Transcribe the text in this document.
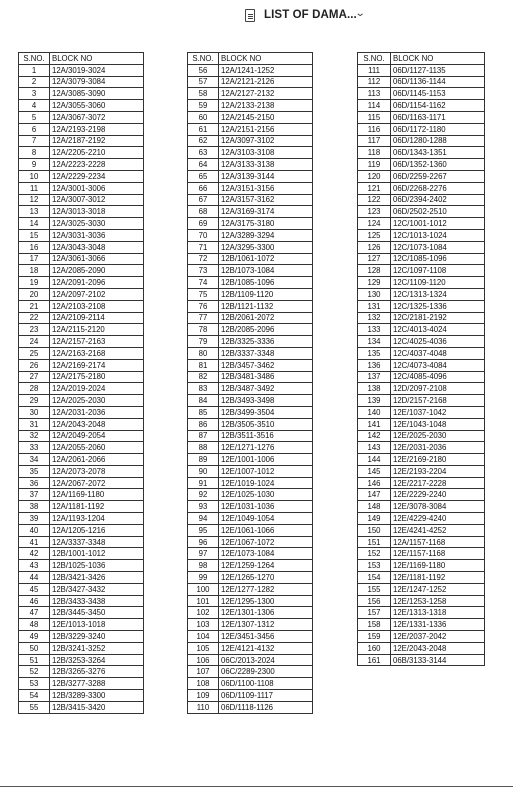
LIST OF DAMA...
⌄
S.NO.	BLOCK NO
1	12A/3019-3024
2	12A/3079-3084
3	12A/3085-3090
4	12A/3055-3060
5	12A/3067-3072
6	12A/2193-2198
7	12A/2187-2192
8	12A/2205-2210
9	12A/2223-2228
10	12A/2229-2234
11	12A/3001-3006
12	12A/3007-3012
13	12A/3013-3018
14	12A/3025-3030
15	12A/3031-3036
16	12A/3043-3048
17	12A/3061-3066
18	12A/2085-2090
19	12A/2091-2096
20	12A/2097-2102
21	12A/2103-2108
22	12A/2109-2114
23	12A/2115-2120
24	12A/2157-2163
25	12A/2163-2168
26	12A/2169-2174
27	12A/2175-2180
28	12A/2019-2024
29	12A/2025-2030
30	12A/2031-2036
31	12A/2043-2048
32	12A/2049-2054
33	12A/2055-2060
34	12A/2061-2066
35	12A/2073-2078
36	12A/2067-2072
37	12A/1169-1180
38	12A/1181-1192
39	12A/1193-1204
40	12A/1205-1216
41	12A/3337-3348
42	12B/1001-1012
43	12B/1025-1036
44	12B/3421-3426
45	12B/3427-3432
46	12B/3433-3438
47	12B/3445-3450
48	12E/1013-1018
49	12B/3229-3240
50	12B/3241-3252
51	12B/3253-3264
52	12B/3265-3276
53	12B/3277-3288
54	12B/3289-3300
55	12B/3415-3420
S.NO.	BLOCK NO
56	12A/1241-1252
57	12A/2121-2126
58	12A/2127-2132
59	12A/2133-2138
60	12A/2145-2150
61	12A/2151-2156
62	12A/3097-3102
63	12A/3103-3108
64	12A/3133-3138
65	12A/3139-3144
66	12A/3151-3156
67	12A/3157-3162
68	12A/3169-3174
69	12A/3175-3180
70	12A/3289-3294
71	12A/3295-3300
72	12B/1061-1072
73	12B/1073-1084
74	12B/1085-1096
75	12B/1109-1120
76	12B/1121-1132
77	12B/2061-2072
78	12B/2085-2096
79	12B/3325-3336
80	12B/3337-3348
81	12B/3457-3462
82	12B/3481-3486
83	12B/3487-3492
84	12B/3493-3498
85	12B/3499-3504
86	12B/3505-3510
87	12B/3511-3516
88	12E/1271-1276
89	12E/1001-1006
90	12E/1007-1012
91	12E/1019-1024
92	12E/1025-1030
93	12E/1031-1036
94	12E/1049-1054
95	12E/1061-1066
96	12E/1067-1072
97	12E/1073-1084
98	12E/1259-1264
99	12E/1265-1270
100	12E/1277-1282
101	12E/1295-1300
102	12E/1301-1306
103	12E/1307-1312
104	12E/3451-3456
105	12E/4121-4132
106	06C/2013-2024
107	06C/2289-2300
108	06D/1100-1108
109	06D/1109-1117
110	06D/1118-1126
S.NO.	BLOCK NO
111	06D/1127-1135
112	06D/1136-1144
113	06D/1145-1153
114	06D/1154-1162
115	06D/1163-1171
116	06D/1172-1180
117	06D/1280-1288
118	06D/1343-1351
119	06D/1352-1360
120	06D/2259-2267
121	06D/2268-2276
122	06D/2394-2402
123	06D/2502-2510
124	12C/1001-1012
125	12C/1013-1024
126	12C/1073-1084
127	12C/1085-1096
128	12C/1097-1108
129	12C/1109-1120
130	12C/1313-1324
131	12C/1325-1336
132	12C/2181-2192
133	12C/4013-4024
134	12C/4025-4036
135	12C/4037-4048
136	12C/4073-4084
137	12C/4085-4096
138	12D/2097-2108
139	12D/2157-2168
140	12E/1037-1042
141	12E/1043-1048
142	12E/2025-2030
143	12E/2031-2036
144	12E/2169-2180
145	12E/2193-2204
146	12E/2217-2228
147	12E/2229-2240
148	12E/3078-3084
149	12E/4229-4240
150	12E/4241-4252
151	12A/1157-1168
152	12E/1157-1168
153	12E/1169-1180
154	12E/1181-1192
155	12E/1247-1252
156	12E/1253-1258
157	12E/1313-1318
158	12E/1331-1336
159	12E/2037-2042
160	12E/2043-2048
161	06B/3133-3144
